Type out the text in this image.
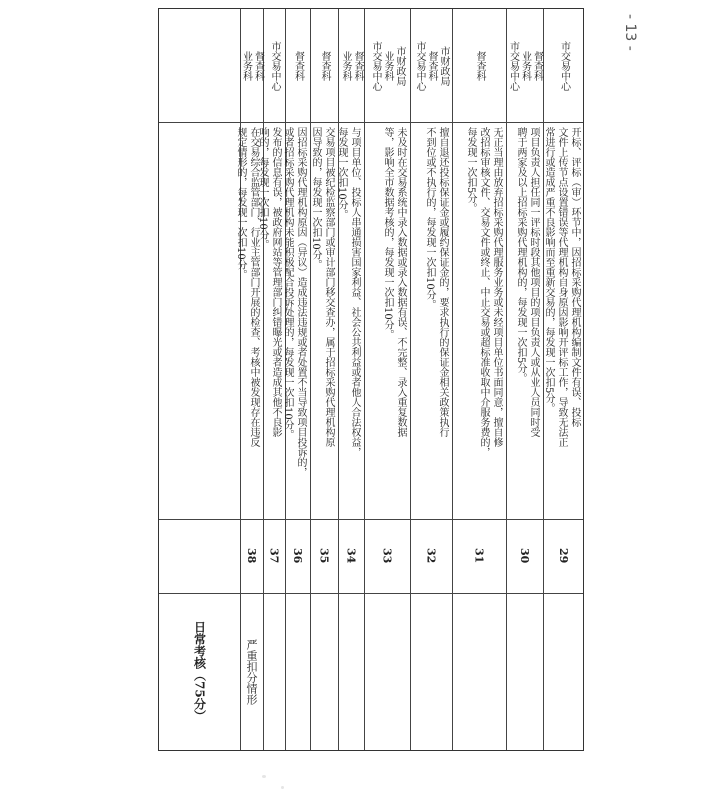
- 13 -
市交易中心
29
开标、评标（审）环节中，因招标采购代理机构编制文件有误、投标
文件上传节点设置错误等代理机构自身原因影响开评标工作，导致无法正
常进行或造成严重不良影响而至重新交易的，每发现一次扣5分。
30
项目负责人担任同一评标时段其他项目的项目负责人或从业人员同时受
聘于两家及以上招标采购代理机构的，每发现一次扣5分。
督查科
业务科
市交易中心
31
无正当理由放弃招标采购代理服务业务或未经项目单位书面同意，擅自修
改招标审核文件、交易文件或终止、中止交易或超标准收取中介服务费的，
每发现一次扣5分。
督查科
32
擅自退还投标保证金或履约保证金的，要求执行的保证金相关政策执行
不到位或不执行的，每发现一次扣10分。
市财政局
督查科
市交易中心
33
未及时在交易系统中录入数据或录入数据有误、不完整、录入重复数据
等，影响全市数据考核的，每发现一次扣10分。
市财政局
业务科
市交易中心
34
与项目单位、投标人串通损害国家利益、社会公共利益或者他人合法权益，
每发现一次扣10分。
督查科
业务科
35
交易项目被纪检监察部门或审计部门移交查办，属于招标采购代理机构原
因导致的，每发现一次扣10分。
督查科
36
因招标采购代理机构原因（异议）造成违法违规或者处置不当导致项目投诉的，
或者招标采购代理机构未能积极配合投诉处理的，每发现一次扣10分。
督查科
37
发布的信息有误，被政府网站等管理部门纠错曝光或者造成其他不良影
响的，每发现一次扣10分。
市交易中心
38
在交易综合监管部门、行业主管部门开展的检查、考核中被发现存在违反
规定情形的，每发现一次扣10分。
督查科
业务科
日常考核
（75分）	严重扣分情形
